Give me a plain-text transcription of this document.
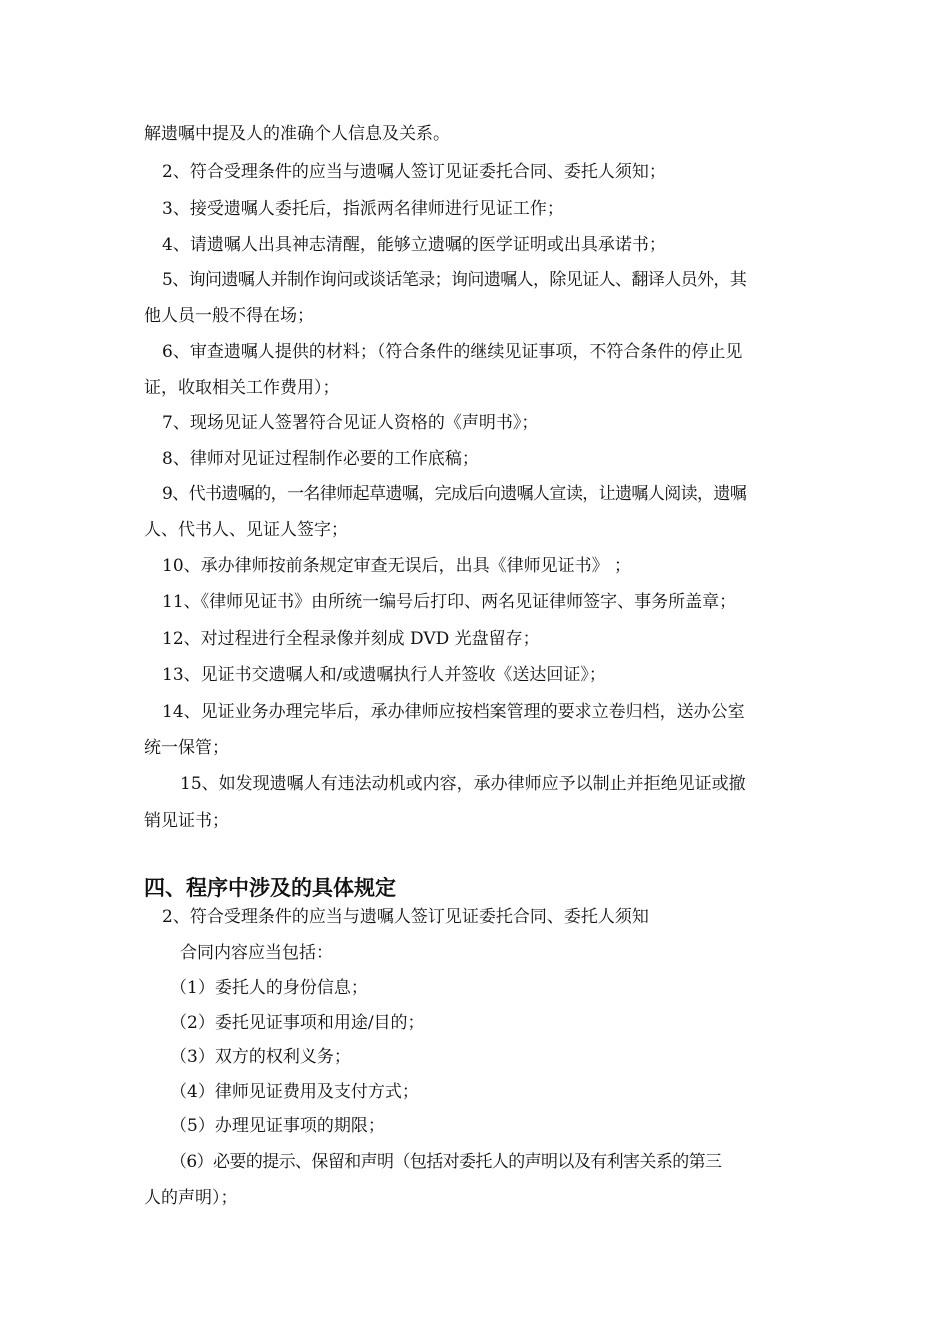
解遗嘱中提及人的准确个人信息及关系。
2、符合受理条件的应当与遗嘱人签订见证委托合同、委托人须知；
3、接受遗嘱人委托后，指派两名律师进行见证工作；
4、请遗嘱人出具神志清醒，能够立遗嘱的医学证明或出具承诺书；
5、询问遗嘱人并制作询问或谈话笔录；询问遗嘱人，除见证人、翻译人员外，其
他人员一般不得在场；
6、审查遗嘱人提供的材料；（符合条件的继续见证事项，不符合条件的停止见
证，收取相关工作费用）；
7、现场见证人签署符合见证人资格的《声明书》；
8、律师对见证过程制作必要的工作底稿；
9、代书遗嘱的，一名律师起草遗嘱，完成后向遗嘱人宣读，让遗嘱人阅读，遗嘱
人、代书人、见证人签字；
10、承办律师按前条规定审查无误后，出具《律师见证书》 ；
11、《律师见证书》由所统一编号后打印、两名见证律师签字、事务所盖章；
12、对过程进行全程录像并刻成 DVD 光盘留存；
13、见证书交遗嘱人和/或遗嘱执行人并签收《送达回证》；
14、见证业务办理完毕后，承办律师应按档案管理的要求立卷归档，送办公室
统一保管；
15、如发现遗嘱人有违法动机或内容，承办律师应予以制止并拒绝见证或撤
销见证书；
四、程序中涉及的具体规定
2、符合受理条件的应当与遗嘱人签订见证委托合同、委托人须知
合同内容应当包括：
（1）委托人的身份信息；
（2）委托见证事项和用途/目的；
（3）双方的权利义务；
（4）律师见证费用及支付方式；
（5）办理见证事项的期限；
（6）必要的提示、保留和声明（包括对委托人的声明以及有利害关系的第三
人的声明）；
